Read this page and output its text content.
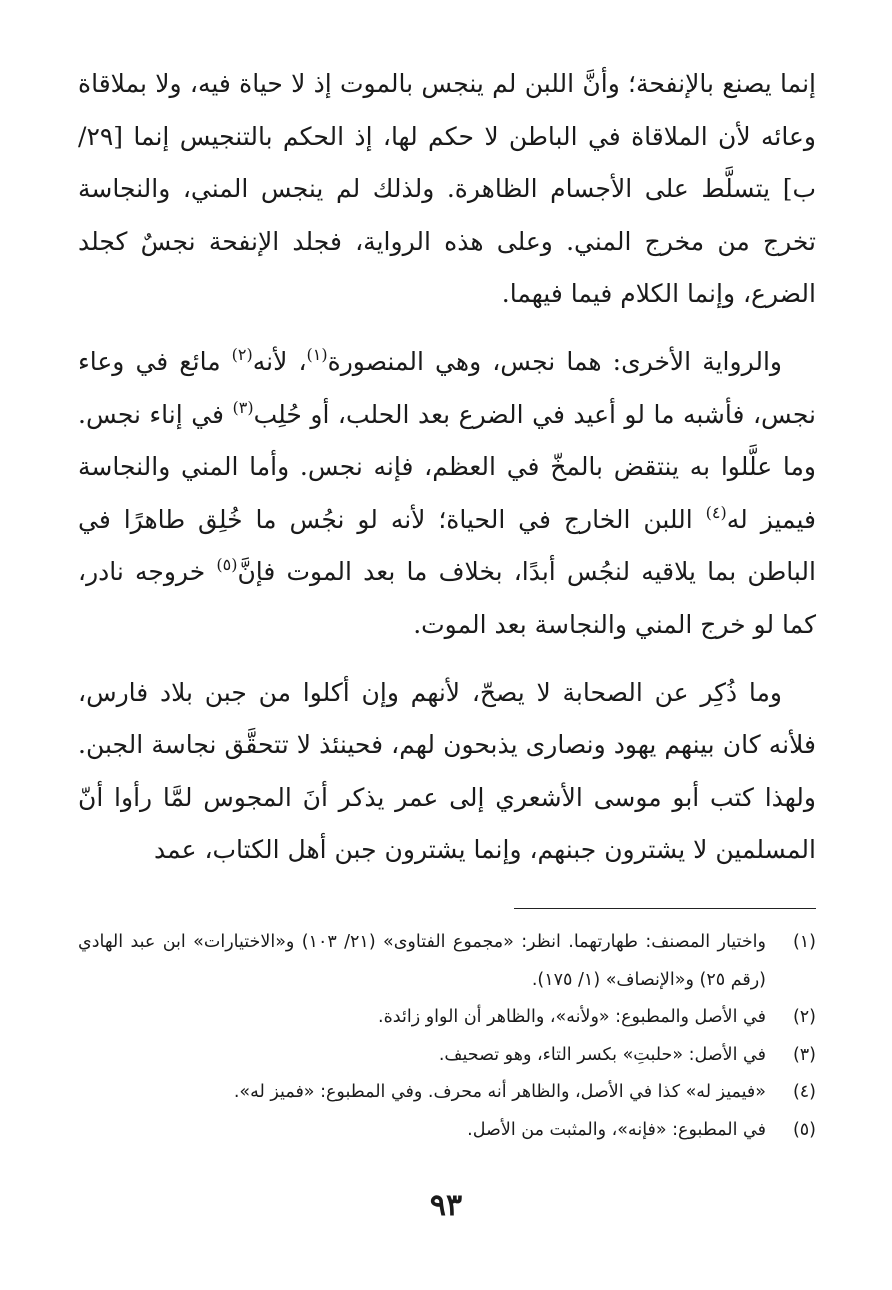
إنما يصنع بالإنفحة؛ وأنَّ اللبن لم ينجس بالموت إذ لا حياة فيه، ولا بملاقاة وعائه لأن الملاقاة في الباطن لا حكم لها، إذ الحكم بالتنجيس إنما [٢٩/ ب] يتسلَّط على الأجسام الظاهرة. ولذلك لم ينجس المني، والنجاسة تخرج من مخرج المني. وعلى هذه الرواية، فجلد الإنفحة نجسٌ كجلد الضرع، وإنما الكلام فيما فيهما.

والرواية الأخرى: هما نجس، وهي المنصورة$^{(١)}$، لأنه$^{(٢)}$ مائع في وعاء نجس، فأشبه ما لو أعيد في الضرع بعد الحلب، أو حُلِب$^{(٣)}$ في إناء نجس. وما علَّلوا به ينتقض بالمخّ في العظم، فإنه نجس. وأما المني والنجاسة فيميز له$^{(٤)}$ اللبن الخارج في الحياة؛ لأنه لو نجُس ما خُلِق طاهرًا في الباطن بما يلاقيه لنجُس أبدًا، بخلاف ما بعد الموت فإنَّ$^{(٥)}$ خروجه نادر، كما لو خرج المني والنجاسة بعد الموت.

وما ذُكِر عن الصحابة لا يصحّ، لأنهم وإن أكلوا من جبن بلاد فارس، فلأنه كان بينهم يهود ونصارى يذبحون لهم، فحينئذ لا تتحقَّق نجاسة الجبن. ولهذا كتب أبو موسى الأشعري إلى عمر يذكر أنَ المجوس لمَّا رأوا أنّ المسلمين لا يشترون جبنهم، وإنما يشترون جبن أهل الكتاب، عمد

(١)
واختيار المصنف: طهارتهما. انظر: «مجموع الفتاوى» (٢١/ ١٠٣) و«الاختيارات» ابن عبد الهادي (رقم ٢٥) و«الإنصاف» (١/ ١٧٥).
(٢)
في الأصل والمطبوع: «ولأنه»، والظاهر أن الواو زائدة.
(٣)
في الأصل: «حلبتِ» بكسر التاء، وهو تصحيف.
(٤)
«فيميز له» كذا في الأصل، والظاهر أنه محرف. وفي المطبوع: «فميز له».
(٥)
في المطبوع: «فإنه»، والمثبت من الأصل.
٩٣
